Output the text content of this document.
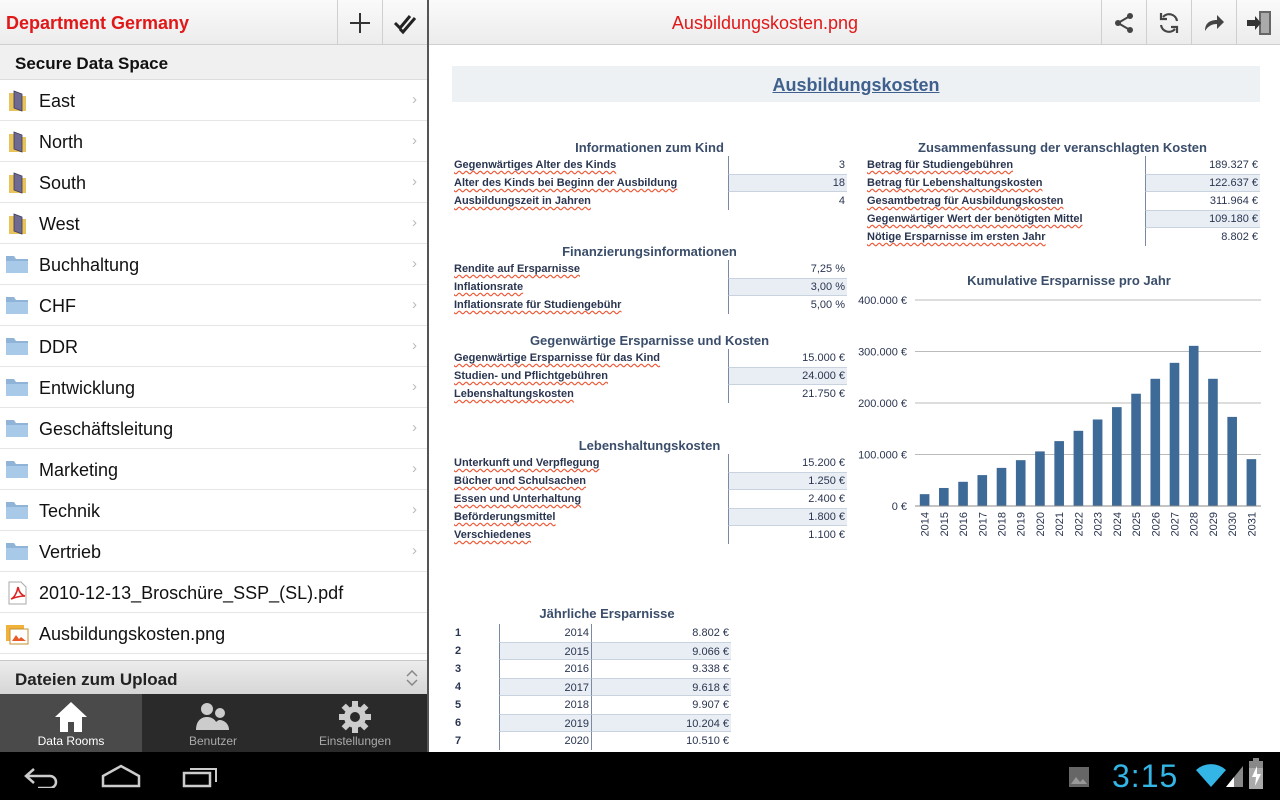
Department Germany
Secure Data Space
East	›
North	›
South	›
West	›
Buchhaltung	›
CHF	›
DDR	›
Entwicklung	›
Geschäftsleitung	›
Marketing	›
Technik	›
Vertrieb	›
2010-12-13_Broschüre_SSP_(SL).pdf
Ausbildungskosten.png
Dateien zum Upload
Data Rooms	Benutzer	Einstellungen
Ausbildungskosten.png
Ausbildungskosten
Informationen zum Kind
Gegenwärtiges Alter des Kinds	3
Alter des Kinds bei Beginn der Ausbildung	18
Ausbildungszeit in Jahren	4
Finanzierungsinformationen
Rendite auf Ersparnisse	7,25 %
Inflationsrate	3,00 %
Inflationsrate für Studiengebühr	5,00 %
Gegenwärtige Ersparnisse und Kosten
Gegenwärtige Ersparnisse für das Kind	15.000 €
Studien- und Pflichtgebühren	24.000 €
Lebenshaltungskosten	21.750 €
Lebenshaltungskosten
Unterkunft und Verpflegung	15.200 €
Bücher und Schulsachen	1.250 €
Essen und Unterhaltung	2.400 €
Beförderungsmittel	1.800 €
Verschiedenes	1.100 €
Zusammenfassung der veranschlagten Kosten
Betrag für Studiengebühren	189.327 €
Betrag für Lebenshaltungskosten	122.637 €
Gesamtbetrag für Ausbildungskosten	311.964 €
Gegenwärtiger Wert der benötigten Mittel	109.180 €
Nötige Ersparnisse im ersten Jahr	8.802 €
Kumulative Ersparnisse pro Jahr
0 €
100.000 €
200.000 €
300.000 €
400.000 €
2014 2015 2016 2017 2018 2019 2020 2021 2022 2023 2024 2025 2026 2027 2028 2029 2030 2031
Jährliche Ersparnisse
1	2014	8.802 €
2	2015	9.066 €
3	2016	9.338 €
4	2017	9.618 €
5	2018	9.907 €
6	2019	10.204 €
7	2020	10.510 €
3:15
